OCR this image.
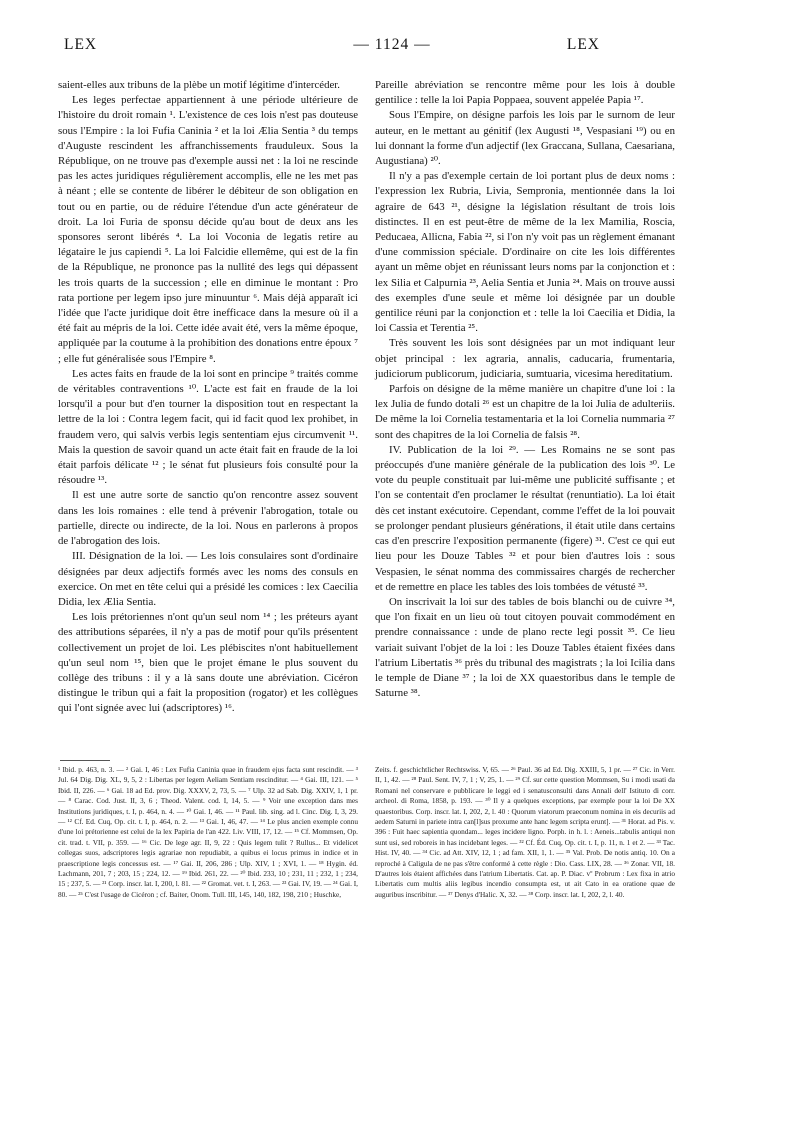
LEX	— 1124 —	LEX

saient-elles aux tribuns de la plèbe un motif légitime d'intercéder.

Les leges perfectae appartiennent à une période ultérieure de l'histoire du droit romain ¹. L'existence de ces lois n'est pas douteuse sous l'Empire : la loi Fufia Caninia ² et la loi Ælia Sentia ³ du temps d'Auguste rescindent les affranchissements frauduleux. Sous la République, on ne trouve pas d'exemple aussi net : la loi ne rescinde pas les actes juridiques régulièrement accomplis, elle ne les met pas à néant ; elle se contente de libérer le débiteur de son obligation en tout ou en partie, ou de réduire l'étendue d'un acte générateur de droit. La loi Furia de sponsu décide qu'au bout de deux ans les sponsores seront libérés ⁴. La loi Voconia de legatis retire au légataire le jus capiendi ⁵. La loi Falcidie ellemême, qui est de la fin de la République, ne prononce pas la nullité des legs qui dépassent les trois quarts de la succession ; elle en diminue le montant : Pro rata portione per legem ipso jure minuuntur ⁶. Mais déjà apparaît ici l'idée que l'acte juridique doit être inefficace dans la mesure où il a été fait au mépris de la loi. Cette idée avait été, vers la même époque, appliquée par la coutume à la prohibition des donations entre époux ⁷ ; elle fut généralisée sous l'Empire ⁸.

Les actes faits en fraude de la loi sont en principe ⁹ traités comme de véritables contraventions ¹⁰. L'acte est fait en fraude de la loi lorsqu'il a pour but d'en tourner la disposition tout en respectant la lettre de la loi : Contra legem facit, qui id facit quod lex prohibet, in fraudem vero, qui salvis verbis legis sententiam ejus circumvenit ¹¹. Mais la question de savoir quand un acte était fait en fraude de la loi était parfois délicate ¹² ; le sénat fut plusieurs fois consulté pour la résoudre ¹³.

Il est une autre sorte de sanctio qu'on rencontre assez souvent dans les lois romaines : elle tend à prévenir l'abrogation, totale ou partielle, directe ou indirecte, de la loi. Nous en parlerons à propos de l'abrogation des lois.

III. Désignation de la loi. — Les lois consulaires sont d'ordinaire désignées par deux adjectifs formés avec les noms des consuls en exercice. On met en tête celui qui a présidé les comices : lex Caecilia Didia, lex Ælia Sentia.

Les lois prétoriennes n'ont qu'un seul nom ¹⁴ ; les préteurs ayant des attributions séparées, il n'y a pas de motif pour qu'ils présentent collectivement un projet de loi. Les plébiscites n'ont habituellement qu'un seul nom ¹⁵, bien que le projet émane le plus souvent du collège des tribuns : il y a là sans doute une abréviation. Cicéron distingue le tribun qui a fait la proposition (rogator) et les collègues qui l'ont signée avec lui (adscriptores) ¹⁶.

Pareille abréviation se rencontre même pour les lois à double gentilice : telle la loi Papia Poppaea, souvent appelée Papia ¹⁷.

Sous l'Empire, on désigne parfois les lois par le surnom de leur auteur, en le mettant au génitif (lex Augusti ¹⁸, Vespasiani ¹⁹) ou en lui donnant la forme d'un adjectif (lex Graccana, Sullana, Caesariana, Augustiana) ²⁰.

Il n'y a pas d'exemple certain de loi portant plus de deux noms : l'expression lex Rubria, Livia, Sempronia, mentionnée dans la loi agraire de 643 ²¹, désigne la législation résultant de trois lois distinctes. Il en est peut-être de même de la lex Mamilia, Roscia, Peducaea, Allicna, Fabia ²², si l'on n'y voit pas un règlement émanant d'une commission spéciale. D'ordinaire on cite les lois différentes ayant un même objet en réunissant leurs noms par la conjonction et : lex Silia et Calpurnia ²³, Aelia Sentia et Junia ²⁴. Mais on trouve aussi des exemples d'une seule et même loi désignée par un double gentilice réuni par la conjonction et : telle la loi Caecilia et Didia, la loi Cassia et Terentia ²⁵.

Très souvent les lois sont désignées par un mot indiquant leur objet principal : lex agraria, annalis, caducaria, frumentaria, judiciorum publicorum, judiciaria, sumtuaria, vicesima hereditatium.

Parfois on désigne de la même manière un chapitre d'une loi : la lex Julia de fundo dotali ²⁶ est un chapitre de la loi Julia de adulteriis. De même la loi Cornelia testamentaria et la loi Cornelia nummaria ²⁷ sont des chapitres de la loi Cornelia de falsis ²⁸.

IV. Publication de la loi ²⁹. — Les Romains ne se sont pas préoccupés d'une manière générale de la publication des lois ³⁰. Le vote du peuple constituait par lui-même une publicité suffisante ; et l'on se contentait d'en proclamer le résultat (renuntiatio). La loi était dès cet instant exécutoire. Cependant, comme l'effet de la loi pouvait se prolonger pendant plusieurs générations, il était utile dans certains cas d'en prescrire l'exposition permanente (figere) ³¹. C'est ce qui eut lieu pour les Douze Tables ³² et pour bien d'autres lois : sous Vespasien, le sénat nomma des commissaires chargés de rechercher et de remettre en place les tables des lois tombées de vétusté ³³.

On inscrivait la loi sur des tables de bois blanchi ou de cuivre ³⁴, que l'on fixait en un lieu où tout citoyen pouvait commodément en prendre connaissance : unde de plano recte legi possit ³⁵. Ce lieu variait suivant l'objet de la loi : les Douze Tables étaient fixées dans l'atrium Libertatis ³⁶ près du tribunal des magistrats ; la loi Icilia dans le temple de Diane ³⁷ ; la loi de XX quaestoribus dans le temple de Saturne ³⁸.

¹ Ibid. p. 463, n. 3. — ² Gai. I, 46 : Lex Fufia Caninia quae in fraudem ejus facta sunt rescindit. — ³ Jul. 64 Dig. Dig. XL, 9, 5, 2 : Libertas per legem Aeliam Sentiam rescinditur. — ⁴ Gai. III, 121. — ⁵ Ibid. II, 226. — ⁶ Gai. 18 ad Ed. prov. Dig. XXXV, 2, 73, 5. — ⁷ Ulp. 32 ad Sab. Dig. XXIV, 1, 1 pr. — ⁸ Carac. Cod. Just. II, 3, 6 ; Theod. Valent. cod. I, 14, 5. — ⁹ Voir une exception dans mes Institutions juridiques, t. I, p. 464, n. 4. — ¹⁰ Gai. I, 46. — ¹¹ Paul. lib. sing. ad l. Cinc. Dig. I, 3, 29. — ¹² Cf. Ed. Cuq, Op. cit. t. I, p. 464, n. 2. — ¹³ Gai. I, 46, 47. — ¹⁴ Le plus ancien exemple connu d'une loi prétorienne est celui de la lex Papiria de l'an 422. Liv. VIII, 17, 12. — ¹⁵ Cf. Mommsen, Op. cit. trad. t. VII, p. 359. — ¹⁶ Cic. De lege agr. II, 9, 22 : Quis legem tulit ? Rullus... Et videlicet collegas suos, adscriptores legis agrariae non repudiabit, a quibus ei locus primus in indice et in praescriptione legis concessus est. — ¹⁷ Gai. II, 206, 286 ; Ulp. XIV, 1 ; XVI, 1. — ¹⁸ Hygin. éd. Lachmann, 201, 7 ; 203, 15 ; 224, 12. — ¹⁹ Ibid. 261, 22. — ²⁰ Ibid. 233, 10 ; 231, 11 ; 232, 1 ; 234, 15 ; 237, 5. — ²¹ Corp. inscr. lat. I, 200, l. 81. — ²² Gromat. vet. t. I, 263. — ²³ Gai. IV, 19. — ²⁴ Gai. I, 80. — ²⁵ C'est l'usage de Cicéron ; cf. Baiter, Onom. Tull. III, 145, 140, 182, 198, 210 ; Huschke,
Zeits. f. geschichtlicher Rechtswiss. V, 65. — ²⁶ Paul. 36 ad Ed. Dig. XXIII, 5, 1 pr. — ²⁷ Cic. in Verr. II, 1, 42. — ²⁸ Paul. Sent. IV, 7, 1 ; V, 25, 1. — ²⁹ Cf. sur cette question Mommsen, Su i modi usati da Romani nel conservare e pubblicare le leggi ed i senatusconsulti dans Annali dell' Istituto di corr. archeol. di Roma, 1858, p. 193. — ³⁰ Il y a quelques exceptions, par exemple pour la loi De XX quaestoribus. Corp. inscr. lat. I, 202, 2, l. 40 : Quorum viatorum praeconum nomina in eis decuriis ad aedem Saturni in pariete intra can[l]sus proxume ante hanc legem scripta erunt]. — ³¹ Horat. ad Pis. v. 396 : Fuit haec sapientia quondam... leges incidere ligno. Porph. in h. l. : Aeneis...tabulis antiqui non sunt usi, sed roboreis in has incidebant leges. — ³² Cf. Éd. Cuq, Op. cit. t. I, p. 11, n. 1 et 2. — ³³ Tac. Hist. IV, 40. — ³⁴ Cic. ad Att. XIV, 12, 1 ; ad fam. XII, 1, 1. — ³⁵ Val. Prob. De notis antiq. 10. On a reproché à Caligula de ne pas s'être conformé à cette règle : Dio. Cass. LIX, 28. — ³⁶ Zonar. VII, 18. D'autres lois étaient affichées dans l'atrium Libertatis. Cat. ap. P. Diac. vº Probrum : Lex fixa in atrio Libertatis cum multis aliis legibus incendio consumpta est, ut ait Cato in ea oratione quae de auguribus inscribitur. — ³⁷ Denys d'Halic. X, 32. — ³⁸ Corp. inscr. lat. I, 202, 2, l. 40.
